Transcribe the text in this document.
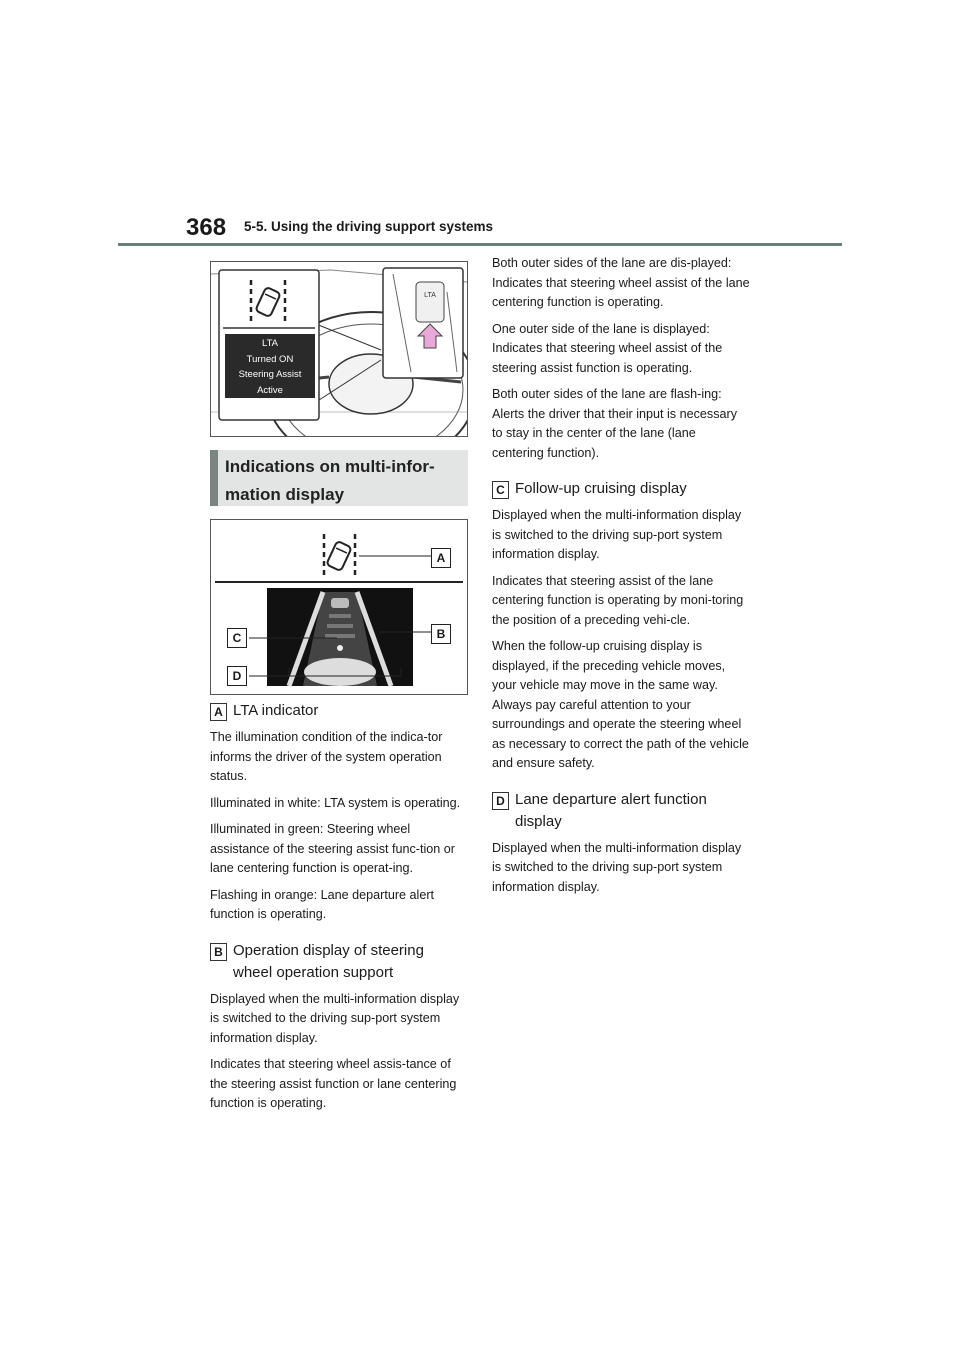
368 5-5. Using the driving support systems
LTA
Turned ON
Steering Assist
Active
LTA
Indications on multi-infor-
mation display
A
B
C
D
A LTA indicator

The illumination condition of the indica-tor informs the driver of the system operation status.

Illuminated in white: LTA system is operating.

Illuminated in green: Steering wheel assistance of the steering assist func-tion or lane centering function is operat-ing.

Flashing in orange: Lane departure alert function is operating.

B Operation display of steering
wheel operation support

Displayed when the multi-information display is switched to the driving sup-port system information display.

Indicates that steering wheel assis-tance of the steering assist function or lane centering function is operating.

Both outer sides of the lane are dis-played: Indicates that steering wheel assist of the lane centering function is operating.

One outer side of the lane is displayed: Indicates that steering wheel assist of the steering assist function is operating.

Both outer sides of the lane are flash-ing: Alerts the driver that their input is necessary to stay in the center of the lane (lane centering function).

C Follow-up cruising display

Displayed when the multi-information display is switched to the driving sup-port system information display.

Indicates that steering assist of the lane centering function is operating by moni-toring the position of a preceding vehi-cle.

When the follow-up cruising display is displayed, if the preceding vehicle moves, your vehicle may move in the same way. Always pay careful attention to your surroundings and operate the steering wheel as necessary to correct the path of the vehicle and ensure safety.

D Lane departure alert function
display

Displayed when the multi-information display is switched to the driving sup-port system information display.
